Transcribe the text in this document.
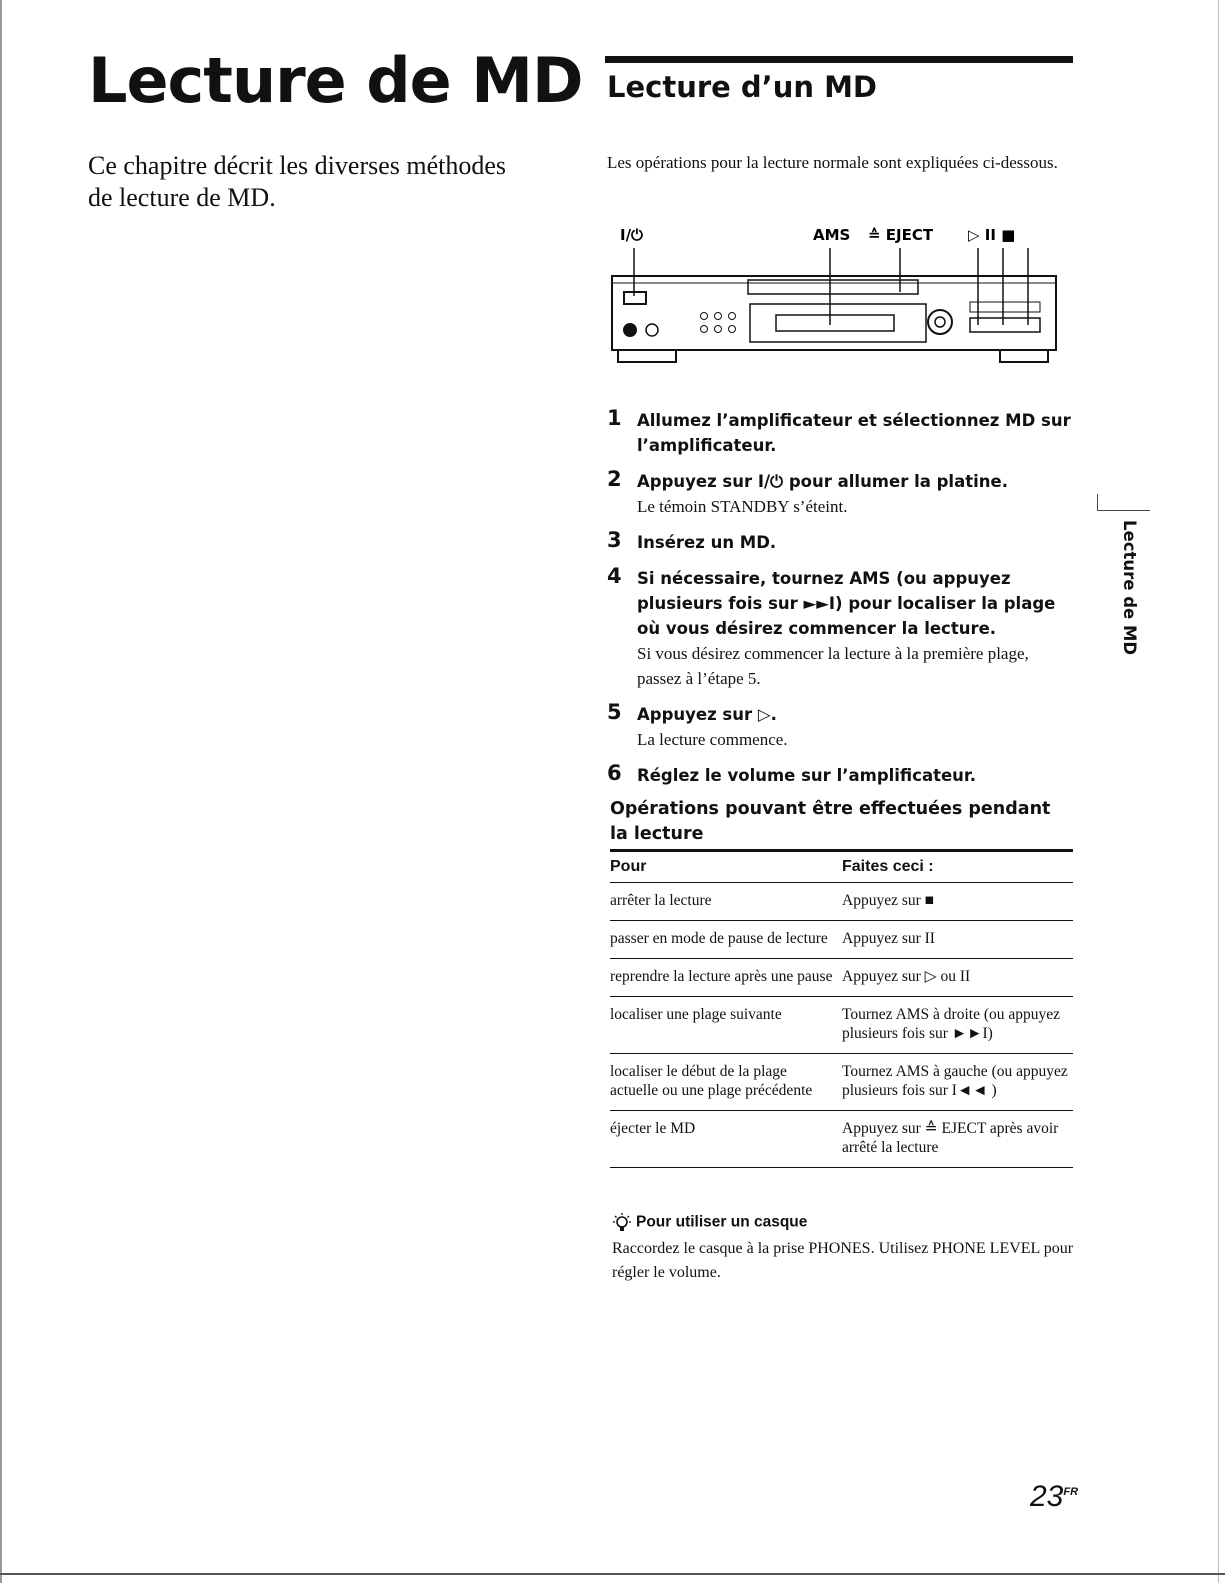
Lecture de MD

Ce chapitre décrit les diverses méthodes de lecture de MD.

Lecture d’un MD

Les opérations pour la lecture normale sont expliquées ci-dessous.

I/⏻	AMS ≙ EJECT ▷ II ■
1 Allumez l’amplificateur et sélectionnez MD sur l’amplificateur.
2 Appuyez sur I/⏻ pour allumer la platine.
Le témoin STANDBY s’éteint.
3 Insérez un MD.
4 Si nécessaire, tournez AMS (ou appuyez plusieurs fois sur ►►I) pour localiser la plage où vous désirez commencer la lecture.
Si vous désirez commencer la lecture à la première plage, passez à l’étape 5.
5 Appuyez sur ▷.
La lecture commence.
6 Réglez le volume sur l’amplificateur.
Opérations pouvant être effectuées pendant la lecture
Pour	Faites ceci :
arrêter la lecture	Appuyez sur ■
passer en mode de pause de lecture	Appuyez sur II
reprendre la lecture après une pause	Appuyez sur ▷ ou II
localiser une plage suivante	Tournez AMS à droite (ou appuyez plusieurs fois sur ►►I)
localiser le début de la plage actuelle ou une plage précédente	Tournez AMS à gauche (ou appuyez plusieurs fois sur I◄◄ )
éjecter le MD	Appuyez sur ≙ EJECT après avoir arrêté la lecture
Pour utiliser un casque
Raccordez le casque à la prise PHONES. Utilisez PHONE LEVEL pour régler le volume.
Lecture de MD
$23^{FR}$
